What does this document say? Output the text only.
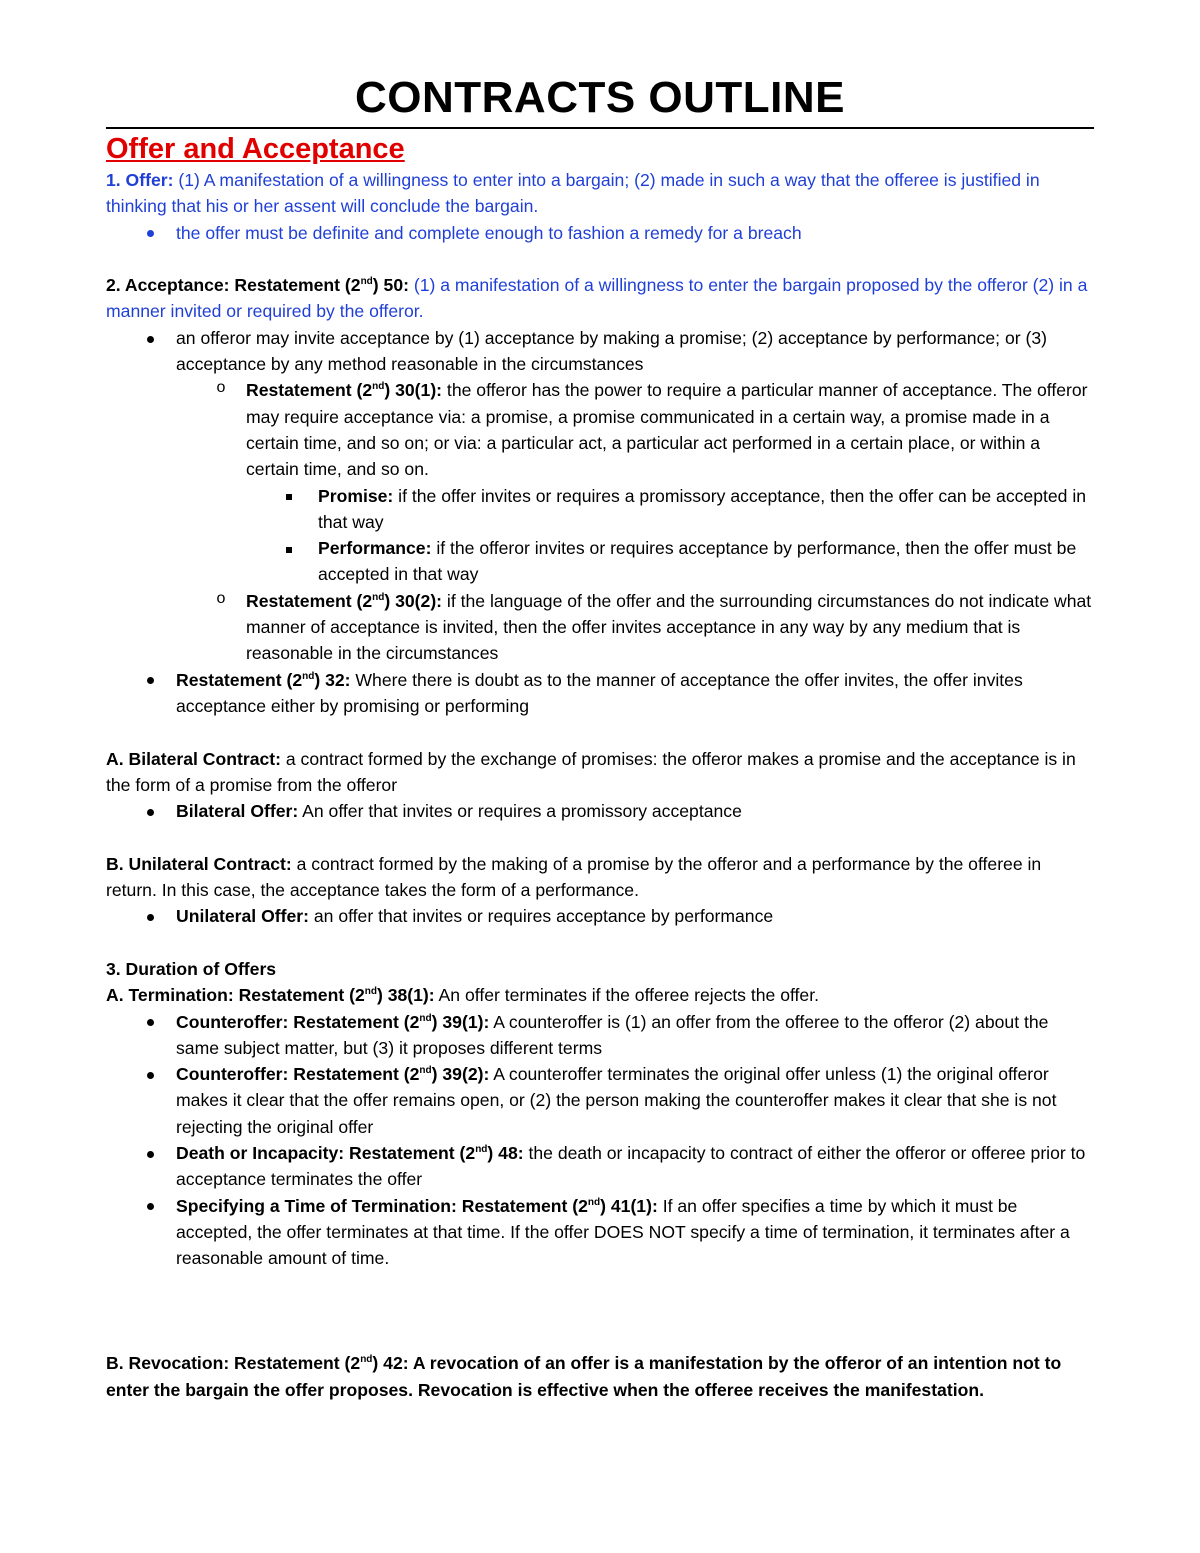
CONTRACTS OUTLINE
Offer and Acceptance

1. Offer: (1) A manifestation of a willingness to enter into a bargain; (2) made in such a way that the offeree is justified in thinking that his or her assent will conclude the bargain.

the offer must be definite and complete enough to fashion a remedy for a breach

2. Acceptance: Restatement (2nd) 50: (1) a manifestation of a willingness to enter the bargain proposed by the offeror (2) in a manner invited or required by the offeror.

an offeror may invite acceptance by (1) acceptance by making a promise; (2) acceptance by performance; or (3) acceptance by any method reasonable in the circumstances
o Restatement (2nd) 30(1): the offeror has the power to require a particular manner of acceptance. The offeror may require acceptance via: a promise, a promise communicated in a certain way, a promise made in a certain time, and so on; or via: a particular act, a particular act performed in a certain place, or within a certain time, and so on.
Promise: if the offer invites or requires a promissory acceptance, then the offer can be accepted in that way
Performance: if the offeror invites or requires acceptance by performance, then the offer must be accepted in that way
o Restatement (2nd) 30(2): if the language of the offer and the surrounding circumstances do not indicate what manner of acceptance is invited, then the offer invites acceptance in any way by any medium that is reasonable in the circumstances
Restatement (2nd) 32: Where there is doubt as to the manner of acceptance the offer invites, the offer invites acceptance either by promising or performing

A. Bilateral Contract: a contract formed by the exchange of promises: the offeror makes a promise and the acceptance is in the form of a promise from the offeror

Bilateral Offer: An offer that invites or requires a promissory acceptance

B. Unilateral Contract: a contract formed by the making of a promise by the offeror and a performance by the offeree in return. In this case, the acceptance takes the form of a performance.

Unilateral Offer: an offer that invites or requires acceptance by performance

3. Duration of Offers

A. Termination: Restatement (2nd) 38(1): An offer terminates if the offeree rejects the offer.

Counteroffer: Restatement (2nd) 39(1): A counteroffer is (1) an offer from the offeree to the offeror (2) about the same subject matter, but (3) it proposes different terms
Counteroffer: Restatement (2nd) 39(2): A counteroffer terminates the original offer unless (1) the original offeror makes it clear that the offer remains open, or (2) the person making the counteroffer makes it clear that she is not rejecting the original offer
Death or Incapacity: Restatement (2nd) 48: the death or incapacity to contract of either the offeror or offeree prior to acceptance terminates the offer
Specifying a Time of Termination: Restatement (2nd) 41(1): If an offer specifies a time by which it must be accepted, the offer terminates at that time. If the offer DOES NOT specify a time of termination, it terminates after a reasonable amount of time.

B. Revocation: Restatement (2nd) 42: A revocation of an offer is a manifestation by the offeror of an intention not to enter the bargain the offer proposes. Revocation is effective when the offeree receives the manifestation.
